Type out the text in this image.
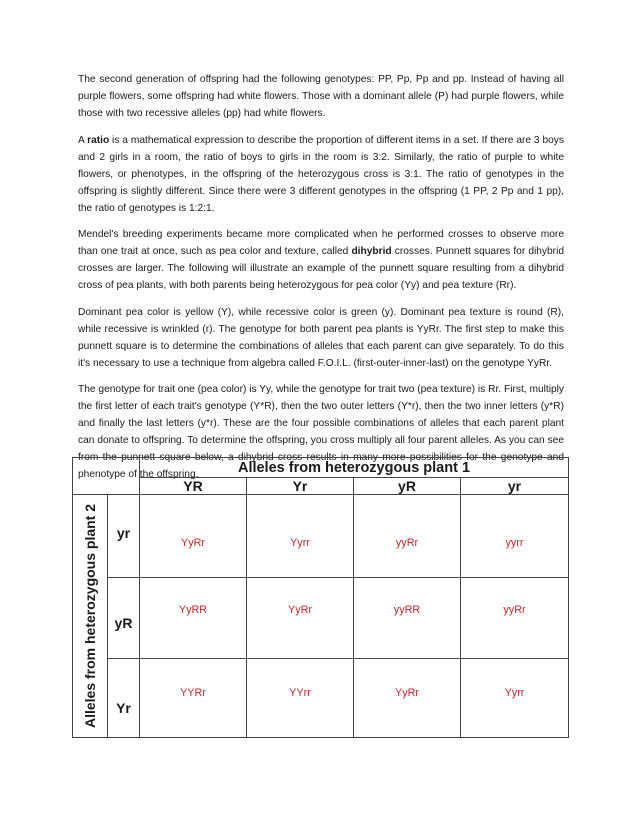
The second generation of offspring had the following genotypes: PP, Pp, Pp and pp. Instead of having all purple flowers, some offspring had white flowers. Those with a dominant allele (P) had purple flowers, while those with two recessive alleles (pp) had white flowers.

A ratio is a mathematical expression to describe the proportion of different items in a set. If there are 3 boys and 2 girls in a room, the ratio of boys to girls in the room is 3:2. Similarly, the ratio of purple to white flowers, or phenotypes, in the offspring of the heterozygous cross is 3:1. The ratio of genotypes in the offspring is slightly different. Since there were 3 different genotypes in the offspring (1 PP, 2 Pp and 1 pp), the ratio of genotypes is 1:2:1.

Mendel's breeding experiments became more complicated when he performed crosses to observe more than one trait at once, such as pea color and texture, called dihybrid crosses. Punnett squares for dihybrid crosses are larger. The following will illustrate an example of the punnett square resulting from a dihybrid cross of pea plants, with both parents being heterozygous for pea color (Yy) and pea texture (Rr).

Dominant pea color is yellow (Y), while recessive color is green (y). Dominant pea texture is round (R), while recessive is wrinkled (r). The genotype for both parent pea plants is YyRr. The first step to make this punnett square is to determine the combinations of alleles that each parent can give separately. To do this it's necessary to use a technique from algebra called F.O.I.L. (first-outer-inner-last) on the genotype YyRr.

The genotype for trait one (pea color) is Yy, while the genotype for trait two (pea texture) is Rr. First, multiply the first letter of each trait's genotype (Y*R), then the two outer letters (Y*r), then the two inner letters (y*R) and finally the last letters (y*r). These are the four possible combinations of alleles that each parent plant can donate to offspring. To determine the offspring, you cross multiply all four parent alleles. As you can see from the punnett square below, a dihybrid cross results in many more possibilities for the genotype and phenotype of the offspring.

		Alleles from heterozygous plant 1			
		YR	Yr	yR	yr

Alleles from heterozygous plant 2	yr	YyRr	Yyrr	yyRr	yyrr
	yR	YyRR	YyRr	yyRR	yyRr
	Yr	YYRr	YYrr	YyRr	Yyrr
